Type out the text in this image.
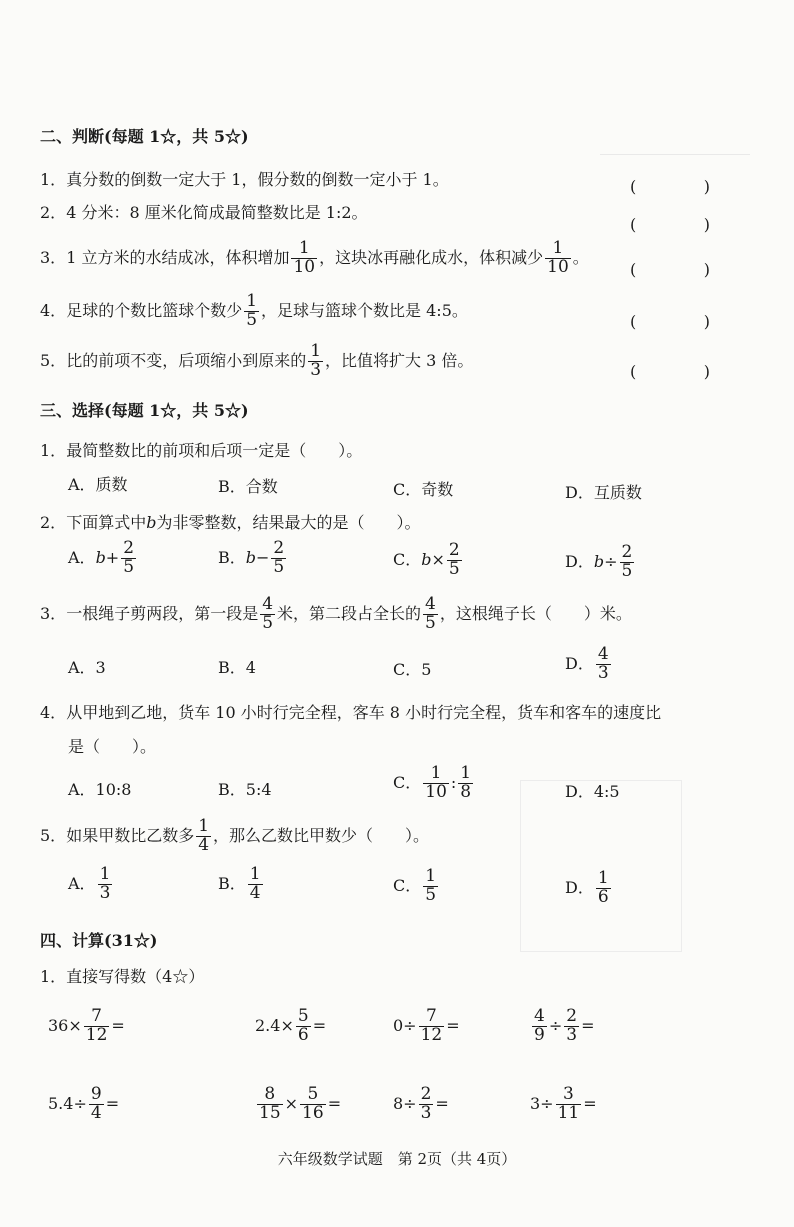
二、判断(每题 1☆，共 5☆)
1．真分数的倒数一定大于 1，假分数的倒数一定小于 1。	(	)
2．4 分米：8 厘米化简成最简整数比是 1:2。
(	)
3．1 立方米的水结成冰，体积增加 $\frac{1}{10}$ ，这块冰再融化成水，体积减少 $\frac{1}{10}$ 。
(	)
4．足球的个数比篮球个数少 $\frac{1}{5}$ ，足球与篮球个数比是 4:5。
(	)
5．比的前项不变，后项缩小到原来的 $\frac{1}{3}$ ，比值将扩大 3 倍。
(	)
三、选择(每题 1☆，共 5☆)
1．最简整数比的前项和后项一定是（　　）。
A．质数	B．合数	C．奇数	D．互质数
2．下面算式中b为非零整数，结果最大的是（　　）。
A．$b+ \frac{2}{5}$	B．$b- \frac{2}{5}$	C．$b\times \frac{2}{5}$	D．$b\div \frac{2}{5}$
3．一根绳子剪两段，第一段是 $\frac{4}{5}$ 米，第二段占全长的 $\frac{4}{5}$ ，这根绳子长（　　）米。
A．3	B．4	C．5	D． $\frac{4}{3}$
4．从甲地到乙地，货车 10 小时行完全程，客车 8 小时行完全程，货车和客车的速度比
是（　　）。
A．10:8	B．5:4	C． $\frac{1}{10}$ : $\frac{1}{8}$	D．4:5
5．如果甲数比乙数多 $\frac{1}{4}$ ，那么乙数比甲数少（　　）。
A． $\frac{1}{3}$	B． $\frac{1}{4}$	C． $\frac{1}{5}$	D． $\frac{1}{6}$
四、计算(31☆)
1．直接写得数（4☆）
$36\times \frac{7}{12}$ =	$2.4\times \frac{5}{6}$ =	$0\div \frac{7}{12}$ =	$\frac{4}{9} \div \frac{2}{3}$ =
$5.4\div \frac{9}{4}$ =	$\frac{8}{15} \times \frac{5}{16}$ =	$8\div \frac{2}{3}$ =	$3\div \frac{3}{11}$ =
六年级数学试题　第 2页（共 4页）
